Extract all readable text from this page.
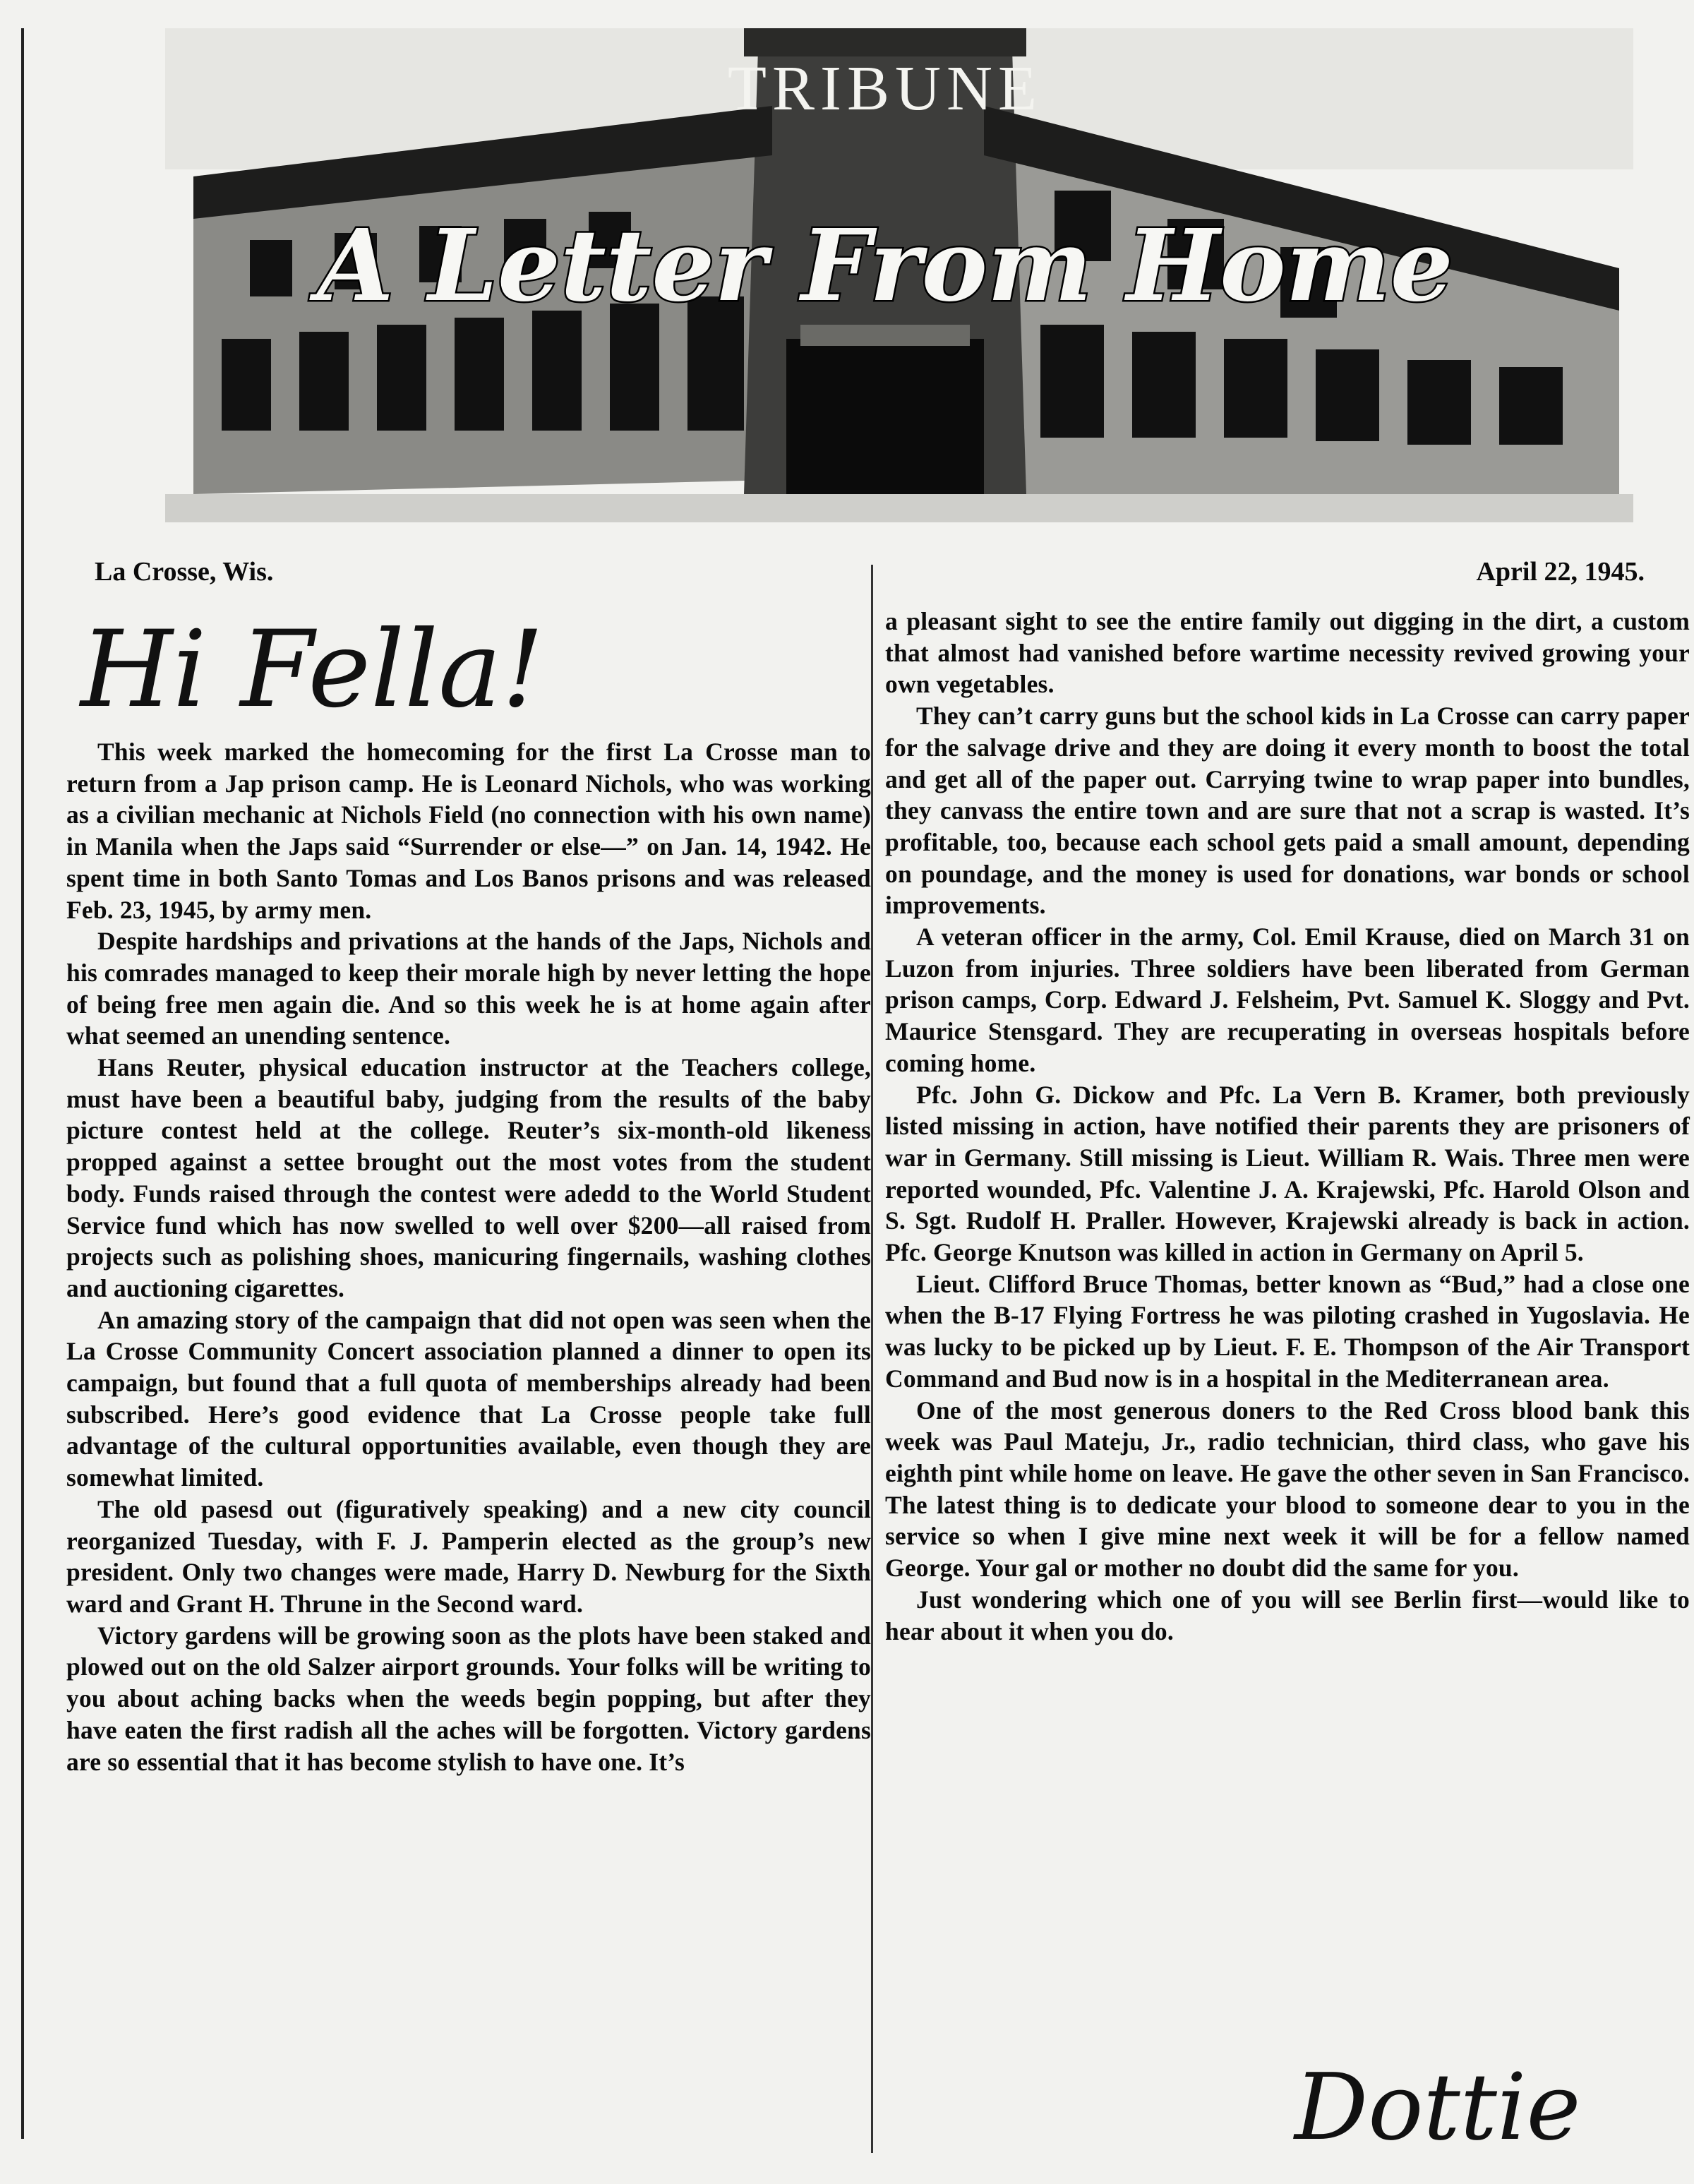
TRIBUNE
A Letter From Home
La Crosse, Wis.	April 22, 1945.
Hi Fella!

This week marked the homecoming for the first La Crosse man to return from a Jap prison camp. He is Leonard Nichols, who was working as a civilian mechanic at Nichols Field (no connection with his own name) in Manila when the Japs said “Surrender or else—” on Jan. 14, 1942. He spent time in both Santo Tomas and Los Banos prisons and was released Feb. 23, 1945, by army men.

Despite hardships and privations at the hands of the Japs, Nichols and his comrades managed to keep their morale high by never letting the hope of being free men again die. And so this week he is at home again after what seemed an unending sentence.

Hans Reuter, physical education instructor at the Teachers college, must have been a beautiful baby, judging from the results of the baby picture contest held at the college. Reuter’s six-month-old likeness propped against a settee brought out the most votes from the student body. Funds raised through the contest were adedd to the World Student Service fund which has now swelled to well over $200—all raised from projects such as polishing shoes, manicuring fingernails, washing clothes and auctioning cigarettes.

An amazing story of the campaign that did not open was seen when the La Crosse Community Concert association planned a dinner to open its campaign, but found that a full quota of memberships already had been subscribed. Here’s good evidence that La Crosse people take full advantage of the cultural opportunities available, even though they are somewhat limited.

The old pasesd out (figuratively speaking) and a new city council reorganized Tuesday, with F. J. Pamperin elected as the group’s new president. Only two changes were made, Harry D. Newburg for the Sixth ward and Grant H. Thrune in the Second ward.

Victory gardens will be growing soon as the plots have been staked and plowed out on the old Salzer airport grounds. Your folks will be writing to you about aching backs when the weeds begin popping, but after they have eaten the first radish all the aches will be forgotten. Victory gardens are so essential that it has become stylish to have one. It’s

a pleasant sight to see the entire family out digging in the dirt, a custom that almost had vanished before wartime necessity revived growing your own vegetables.

They can’t carry guns but the school kids in La Crosse can carry paper for the salvage drive and they are doing it every month to boost the total and get all of the paper out. Carrying twine to wrap paper into bundles, they canvass the entire town and are sure that not a scrap is wasted. It’s profitable, too, because each school gets paid a small amount, depending on poundage, and the money is used for donations, war bonds or school improvements.

A veteran officer in the army, Col. Emil Krause, died on March 31 on Luzon from injuries. Three soldiers have been liberated from German prison camps, Corp. Edward J. Felsheim, Pvt. Samuel K. Sloggy and Pvt. Maurice Stensgard. They are recuperating in overseas hospitals before coming home.

Pfc. John G. Dickow and Pfc. La Vern B. Kramer, both previously listed missing in action, have notified their parents they are prisoners of war in Germany. Still missing is Lieut. William R. Wais. Three men were reported wounded, Pfc. Valentine J. A. Krajewski, Pfc. Harold Olson and S. Sgt. Rudolf H. Praller. However, Krajewski already is back in action. Pfc. George Knutson was killed in action in Germany on April 5.

Lieut. Clifford Bruce Thomas, better known as “Bud,” had a close one when the B-17 Flying Fortress he was piloting crashed in Yugoslavia. He was lucky to be picked up by Lieut. F. E. Thompson of the Air Transport Command and Bud now is in a hospital in the Mediterranean area.

One of the most generous doners to the Red Cross blood bank this week was Paul Mateju, Jr., radio technician, third class, who gave his eighth pint while home on leave. He gave the other seven in San Francisco. The latest thing is to dedicate your blood to someone dear to you in the service so when I give mine next week it will be for a fellow named George. Your gal or mother no doubt did the same for you.

Just wondering which one of you will see Berlin first—would like to hear about it when you do.

Dottie
